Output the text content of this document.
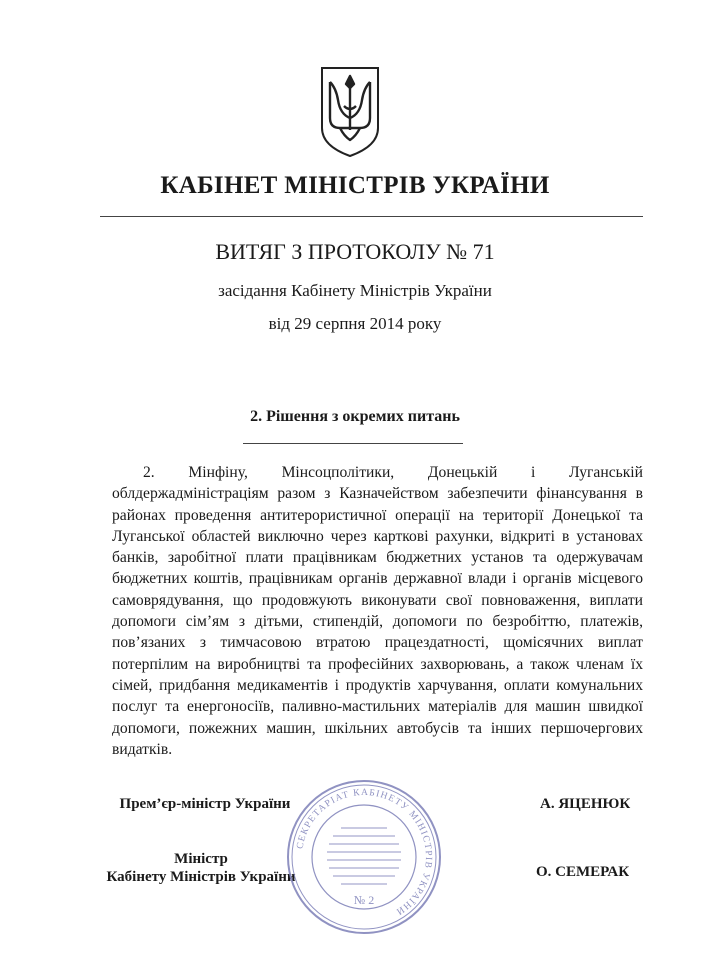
КАБІНЕТ МІНІСТРІВ УКРАЇНИ
ВИТЯГ З ПРОТОКОЛУ № 71
засідання Кабінету Міністрів України
від 29 серпня 2014 року
2. Рішення з окремих питань
2. Мінфіну, Мінсоцполітики, Донецькій і Луганській облдержадміністраціям разом з Казначейством забезпечити фінансування в районах проведення антитерористичної операції на території Донецької та Луганської областей виключно через карткові рахунки, відкриті в установах банків, заробітної плати працівникам бюджетних установ та одержувачам бюджетних коштів, працівникам органів державної влади і органів місцевого самоврядування, що продовжують виконувати свої повноваження, виплати допомоги сім’ям з дітьми, стипендій, допомоги по безробіттю, платежів, пов’язаних з тимчасовою втратою працездатності, щомісячних виплат потерпілим на виробництві та професійних захворювань, а також членам їх сімей, придбання медикаментів і продуктів харчування, оплати комунальних послуг та енергоносіїв, паливно-мастильних матеріалів для машин швидкої допомоги, пожежних машин, шкільних автобусів та інших першочергових видатків.
Прем’єр-міністр України	А. ЯЦЕНЮК
Міністр
Кабінету Міністрів України	О. СЕМЕРАК
СЕКРЕТАРІАТ КАБІНЕТУ МІНІСТРІВ УКРАЇНИ
№ 2
